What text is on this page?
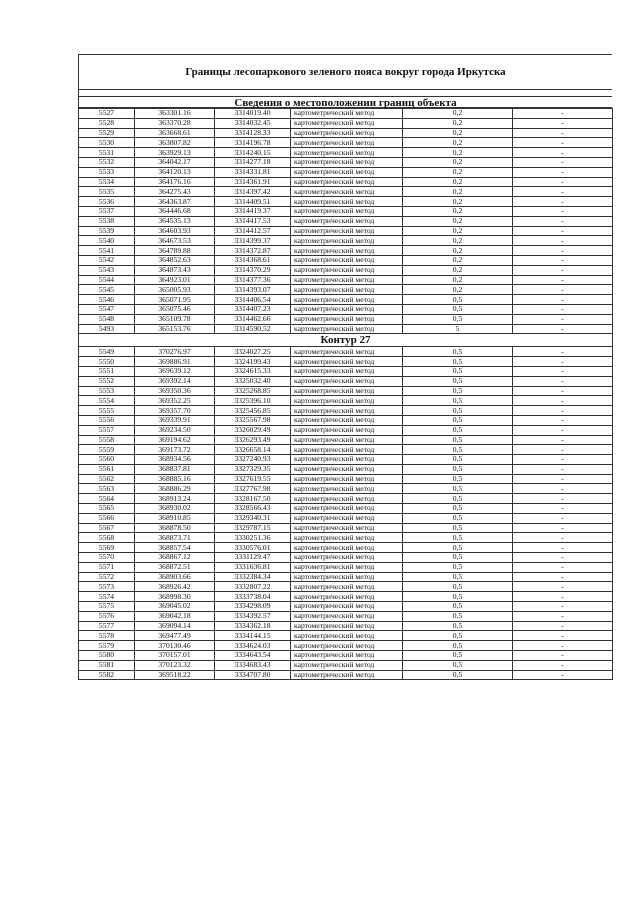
Границы лесопаркового зеленого пояса вокруг города Иркутска
Сведения о местоположении границ объекта
5527	363301.16	3314019.40	картометрический метод	0,2	-
5528	363370.28	3314032.45	картометрический метод	0,2	-
5529	363668.61	3314128.33	картометрический метод	0,2	-
5530	363807.82	3314196.78	картометрический метод	0,2	-
5531	363929.13	3314240.15	картометрический метод	0,2	-
5532	364042.17	3314277.18	картометрический метод	0,2	-
5533	364120.13	3314331.81	картометрический метод	0,2	-
5534	364176.16	3314361.91	картометрический метод	0,2	-
5535	364275.43	3314397.42	картометрический метод	0,2	-
5536	364363.87	3314409.51	картометрический метод	0,2	-
5537	364446.68	3314419.37	картометрический метод	0,2	-
5538	364535.13	3314417.53	картометрический метод	0,2	-
5539	364603.93	3314412.57	картометрический метод	0,2	-
5540	364673.53	3314399.37	картометрический метод	0,2	-
5541	364789.88	3314372.87	картометрический метод	0,2	-
5542	364852.63	3314368.61	картометрический метод	0,2	-
5543	364873.43	3314370.29	картометрический метод	0,2	-
5544	364923.01	3314377.36	картометрический метод	0,2	-
5545	365005.93	3314393.07	картометрический метод	0,2	-
5546	365071.95	3314406.54	картометрический метод	0,5	-
5547	365075.46	3314407.23	картометрический метод	0,5	-
5548	365109.78	3314462.66	картометрический метод	0,5	-
5493	365153.76	3314590,52	картометрический метод	5	-
Контур 27					
5549	370276.97	3324027.25	картометрический метод	0,5	-
5550	369886.91	3324199.43	картометрический метод	0,5	-
5551	369639.12	3324615.33	картометрический метод	0,5	-
5552	369392.14	3325032.40	картометрический метод	0,5	-
5553	369350.36	3325268.85	картометрический метод	0,5	-
5554	369352.25	3325396.10	картометрический метод	0,5	-
5555	369357.70	3325456.85	картометрический метод	0,5	-
5556	369339.91	3325567.98	картометрический метод	0,5	-
5557	369234.50	3326029.49	картометрический метод	0,5	-
5558	369194.62	3326293.49	картометрический метод	0,5	-
5559	369173.72	3326658.14	картометрический метод	0,5	-
5560	368934.56	3327240.93	картометрический метод	0,5	-
5561	368837.81	3327329.35	картометрический метод	0,5	-
5562	368885.16	3327619.55	картометрический метод	0,5	-
5563	368886.29	3327767.98	картометрический метод	0,5	-
5564	368913.24	3328167.50	картометрический метод	0,5	-
5565	368930.02	3328566.43	картометрический метод	0,5	-
5566	368910.85	3329340.31	картометрический метод	0,5	-
5567	368878.50	3329787.15	картометрический метод	0,5	-
5568	368873.71	3330251.36	картометрический метод	0,5	-
5569	368857.54	3330576.01	картометрический метод	0,5	-
5570	368867.12	3331129.47	картометрический метод	0,5	-
5571	368872.51	3331636.81	картометрический метод	0,5	-
5572	368903.66	3332384.34	картометрический метод	0,5	-
5573	368926.42	3332807.22	картометрический метод	0,5	-
5574	368998.30	3333738.04	картометрический метод	0,5	-
5575	369045.02	3334298.09	картометрический метод	0,5	-
5576	369042.18	3334392.57	картометрический метод	0,5	-
5577	369094.14	3334362.18	картометрический метод	0,5	-
5578	369477.49	3334144.15	картометрический метод	0,5	-
5579	370130.46	3334624.03	картометрический метод	0,5	-
5580	370157.01	3334643.54	картометрический метод	0,5	-
5581	370123.32	3334683.43	картометрический метод	0,5	-
5582	369518.22	3334707.80	картометрический метод	0,5	-
